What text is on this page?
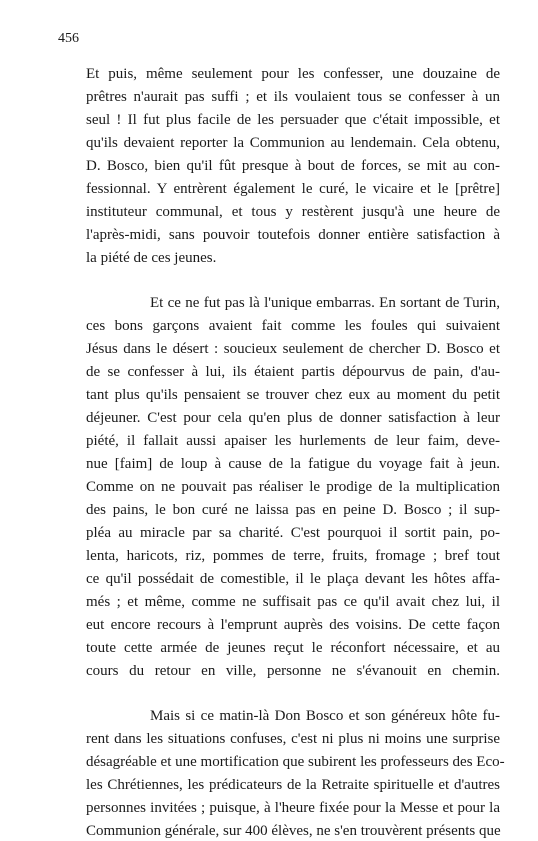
456
Et puis, même seulement pour les confesser, une douzaine de
prêtres n'aurait pas suffi ; et ils voulaient tous se confesser à un
seul ! Il fut plus facile de les persuader que c'était impossible, et
qu'ils devaient reporter la Communion au lendemain. Cela obtenu,
D. Bosco, bien qu'il fût presque à bout de forces, se mit au con-
fessionnal. Y entrèrent également le curé, le vicaire et le [prêtre]
instituteur communal, et tous y restèrent jusqu'à une heure de
l'après-midi, sans pouvoir toutefois donner entière satisfaction à
la piété de ces jeunes.
Et ce ne fut pas là l'unique embarras. En sortant de Turin,
ces bons garçons avaient fait comme les foules qui suivaient
Jésus dans le désert : soucieux seulement de chercher D. Bosco et
de se confesser à lui, ils étaient partis dépourvus de pain, d'au-
tant plus qu'ils pensaient se trouver chez eux au moment du petit
déjeuner. C'est pour cela qu'en plus de donner satisfaction à leur
piété, il fallait aussi apaiser les hurlements de leur faim, deve-
nue [faim] de loup à cause de la fatigue du voyage fait à jeun.
Comme on ne pouvait pas réaliser le prodige de la multiplication
des pains, le bon curé ne laissa pas en peine D. Bosco ; il sup-
pléa au miracle par sa charité. C'est pourquoi il sortit pain, po-
lenta, haricots, riz, pommes de terre, fruits, fromage ; bref tout
ce qu'il possédait de comestible, il le plaça devant les hôtes affa-
més ; et même, comme ne suffisait pas ce qu'il avait chez lui, il
eut encore recours à l'emprunt auprès des voisins. De cette façon
toute cette armée de jeunes reçut le réconfort nécessaire, et au
cours du retour en ville, personne ne s'évanouit en chemin.
Mais si ce matin-là Don Bosco et son généreux hôte fu-
rent dans les situations confuses, c'est ni plus ni moins une surprise
désagréable et une mortification que subirent les professeurs des Eco-
les Chrétiennes, les prédicateurs de la Retraite spirituelle et d'autres
personnes invitées ; puisque, à l'heure fixée pour la Messe et pour la
Communion générale, sur 400 élèves, ne s'en trouvèrent présents que
